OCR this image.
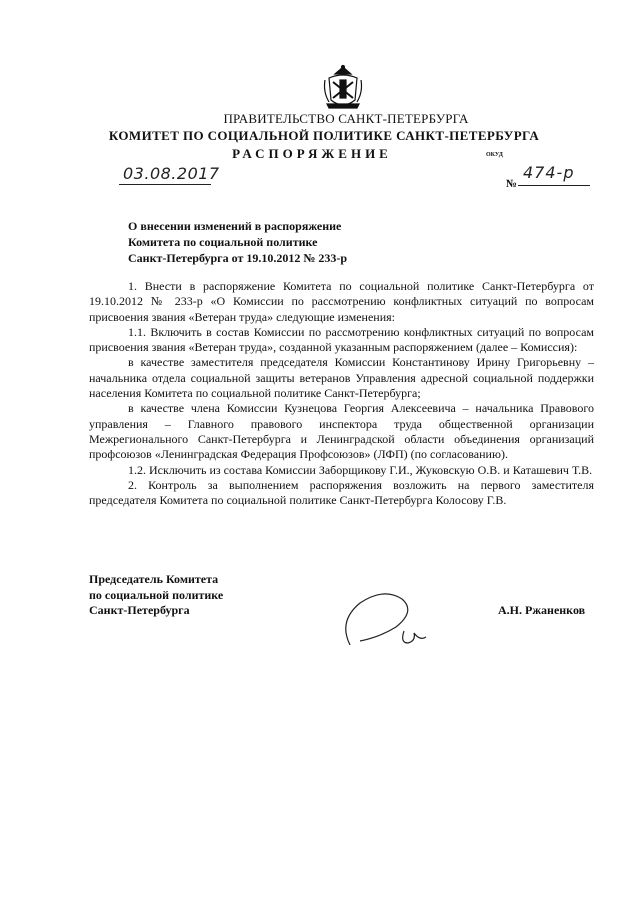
ПРАВИТЕЛЬСТВО САНКТ-ПЕТЕРБУРГА
КОМИТЕТ ПО СОЦИАЛЬНОЙ ПОЛИТИКЕ САНКТ-ПЕТЕРБУРГА
РАСПОРЯЖЕНИЕ	ОКУД
03.08.2017
№
474-р
О внесении изменений в распоряжение
Комитета по социальной политике
Санкт-Петербурга от 19.10.2012 № 233-р

1. Внести в распоряжение Комитета по социальной политике Санкт-Петербурга от 19.10.2012 № 233-р «О Комиссии по рассмотрению конфликтных ситуаций по вопросам присвоения звания «Ветеран труда» следующие изменения:

1.1. Включить в состав Комиссии по рассмотрению конфликтных ситуаций по вопросам присвоения звания «Ветеран труда», созданной указанным распоряжением (далее – Комиссия):

в качестве заместителя председателя Комиссии Константинову Ирину Григорьевну – начальника отдела социальной защиты ветеранов Управления адресной социальной поддержки населения Комитета по социальной политике Санкт-Петербурга;

в качестве члена Комиссии Кузнецова Георгия Алексеевича – начальника Правового управления – Главного правового инспектора труда общественной организации Межрегионального Санкт-Петербурга и Ленинградской области объединения организаций профсоюзов «Ленинградская Федерация Профсоюзов» (ЛФП) (по согласованию).

1.2. Исключить из состава Комиссии Заборщикову Г.И., Жуковскую О.В. и Каташевич Т.В.

2. Контроль за выполнением распоряжения возложить на первого заместителя председателя Комитета по социальной политике Санкт-Петербурга Колосову Г.В.

Председатель Комитета
по социальной политике
Санкт-Петербурга	А.Н. Ржаненков
